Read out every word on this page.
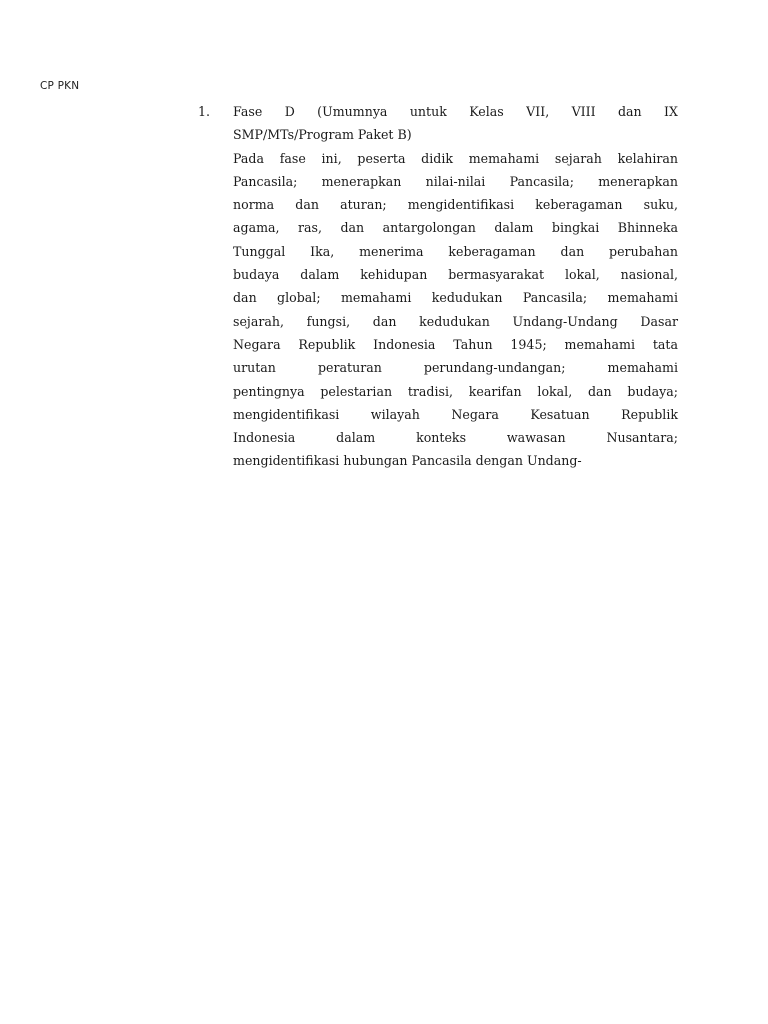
CP PKN
1. Fase D (Umumnya untuk Kelas VII, VIII dan IX
SMP/MTs/Program Paket B)
Pada fase ini, peserta didik memahami sejarah kelahiran
Pancasila; menerapkan nilai-nilai Pancasila; menerapkan
norma dan aturan; mengidentifikasi keberagaman suku,
agama, ras, dan antargolongan dalam bingkai Bhinneka
Tunggal Ika, menerima keberagaman dan perubahan
budaya dalam kehidupan bermasyarakat lokal, nasional,
dan global; memahami kedudukan Pancasila; memahami
sejarah, fungsi, dan kedudukan Undang-Undang Dasar
Negara Republik Indonesia Tahun 1945; memahami tata
urutan peraturan perundang-undangan; memahami
pentingnya pelestarian tradisi, kearifan lokal, dan budaya;
mengidentifikasi wilayah Negara Kesatuan Republik
Indonesia dalam konteks wawasan Nusantara;
mengidentifikasi hubungan Pancasila dengan Undang-
